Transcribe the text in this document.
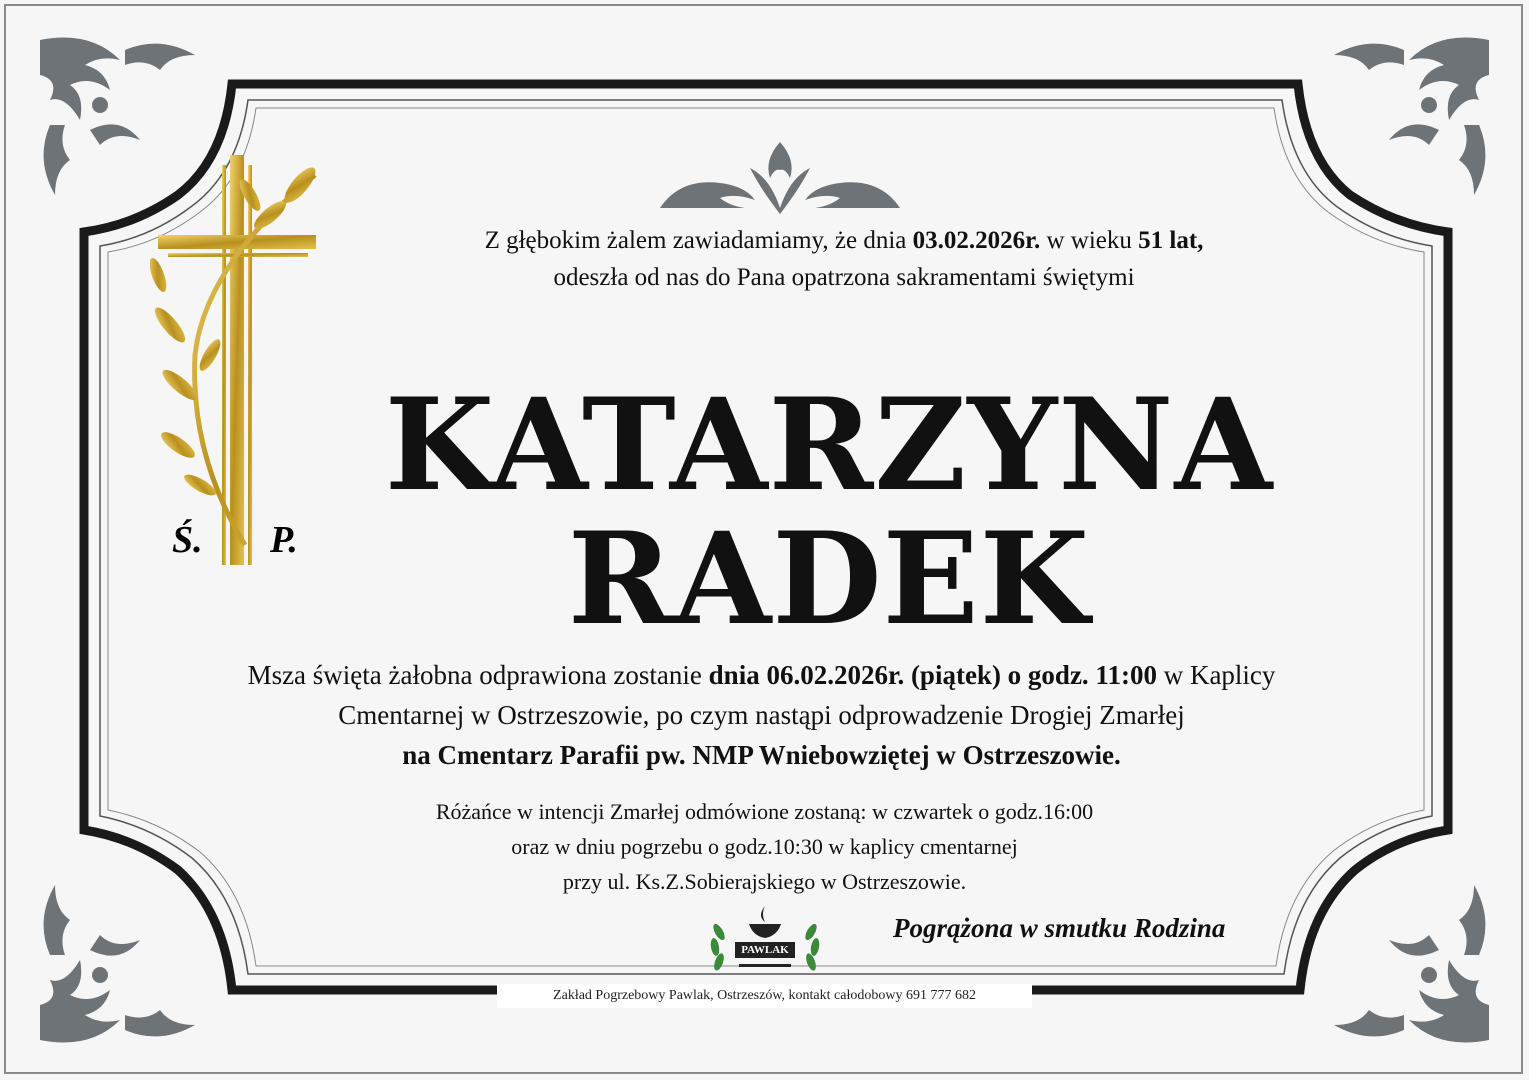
Ś. P.
Z głębokim żalem zawiadamiamy, że dnia 03.02.2026r. w wieku 51 lat,
odeszła od nas do Pana opatrzona sakramentami świętymi
KATARZYNA
RADEK
Msza święta żałobna odprawiona zostanie dnia 06.02.2026r. (piątek) o godz. 11:00 w Kaplicy
Cmentarnej w Ostrzeszowie, po czym nastąpi odprowadzenie Drogiej Zmarłej
na Cmentarz Parafii pw. NMP Wniebowziętej w Ostrzeszowie.
Różańce w intencji Zmarłej odmówione zostaną: w czwartek o godz.16:00
oraz w dniu pogrzebu o godz.10:30 w kaplicy cmentarnej
przy ul. Ks.Z.Sobierajskiego w Ostrzeszowie.
PAWLAK
Pogrążona w smutku Rodzina
Zakład Pogrzebowy Pawlak, Ostrzeszów, kontakt całodobowy 691 777 682
